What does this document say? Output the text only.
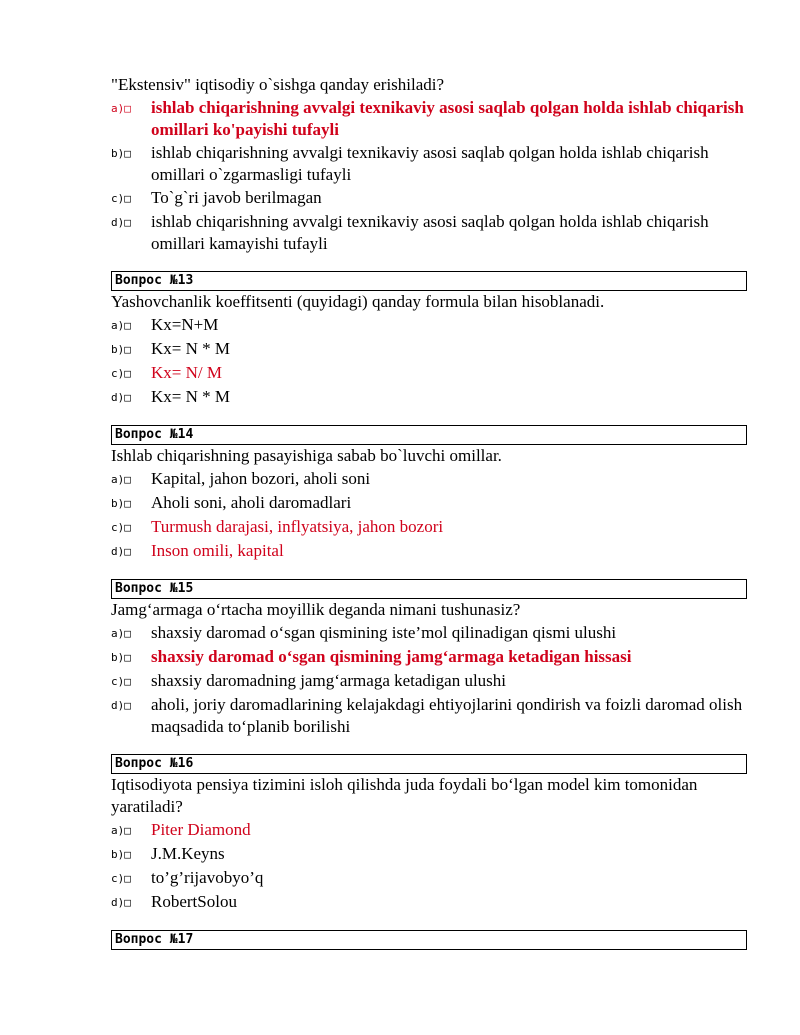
"Ekstensiv" iqtisodiy o`sishga qanday erishiladi?
a)□	ishlab chiqarishning avvalgi texnikaviy asosi saqlab qolgan holda ishlab chiqarish omillari ko'payishi tufayli
b)□	ishlab chiqarishning avvalgi texnikaviy asosi saqlab qolgan holda ishlab chiqarish omillari o`zgarmasligi tufayli
c)□	To`g`ri javob berilmagan
d)□	ishlab chiqarishning avvalgi texnikaviy asosi saqlab qolgan holda ishlab chiqarish omillari kamayishi tufayli
Вопрос №13
Yashovchanlik koeffitsenti (quyidagi) qanday formula bilan hisoblanadi.
a)□	Kx=N+M
b)□	Kx= N * M
c)□	Kx= N/ M
d)□	Kx= N * M
Вопрос №14
Ishlab chiqarishning pasayishiga sabab bo`luvchi omillar.
a)□	Kapital, jahon bozori, aholi soni
b)□	Aholi soni, aholi daromadlari
c)□	Turmush darajasi, inflyatsiya, jahon bozori
d)□	Inson omili, kapital
Вопрос №15
Jamg‘armaga o‘rtacha moyillik deganda nimani tushunasiz?
a)□	shaxsiy daromad o‘sgan qismining iste’mol qilinadigan qismi ulushi
b)□	shaxsiy daromad o‘sgan qismining jamg‘armaga ketadigan hissasi
c)□	shaxsiy daromadning jamg‘armaga ketadigan ulushi
d)□	aholi, joriy daromadlarining kelajakdagi ehtiyojlarini qondirish va foizli daromad olish maqsadida to‘planib borilishi
Вопрос №16
Iqtisodiyota pensiya tizimini isloh qilishda juda foydali bo‘lgan model kim tomonidan yaratiladi?
a)□	Piter Diamond
b)□	J.M.Keyns
c)□	to’g’rijavobyo’q
d)□	RobertSolou
Вопрос №17
